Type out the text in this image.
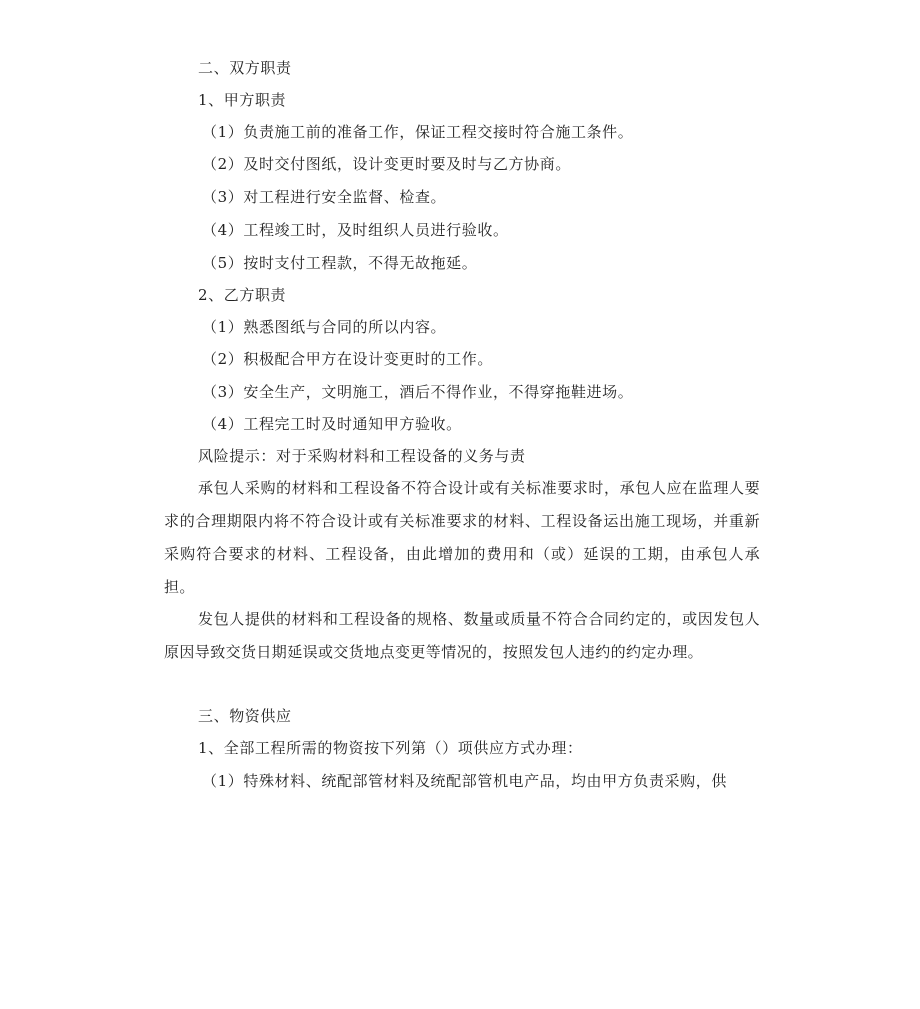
二、双方职责
1、甲方职责
（1）负责施工前的准备工作，保证工程交接时符合施工条件。
（2）及时交付图纸，设计变更时要及时与乙方协商。
（3）对工程进行安全监督、检查。
（4）工程竣工时，及时组织人员进行验收。
（5）按时支付工程款，不得无故拖延。
2、乙方职责
（1）熟悉图纸与合同的所以内容。
（2）积极配合甲方在设计变更时的工作。
（3）安全生产，文明施工，酒后不得作业，不得穿拖鞋进场。
（4）工程完工时及时通知甲方验收。
风险提示：对于采购材料和工程设备的义务与责
承包人采购的材料和工程设备不符合设计或有关标准要求时，承包人应在监理人要求的合理期限内将不符合设计或有关标准要求的材料、工程设备运出施工现场，并重新采购符合要求的材料、工程设备，由此增加的费用和（或）延误的工期，由承包人承担。
发包人提供的材料和工程设备的规格、数量或质量不符合合同约定的，或因发包人原因导致交货日期延误或交货地点变更等情况的，按照发包人违约的约定办理。
三、物资供应
1、全部工程所需的物资按下列第（）项供应方式办理：
（1）特殊材料、统配部管材料及统配部管机电产品，均由甲方负责采购，供
